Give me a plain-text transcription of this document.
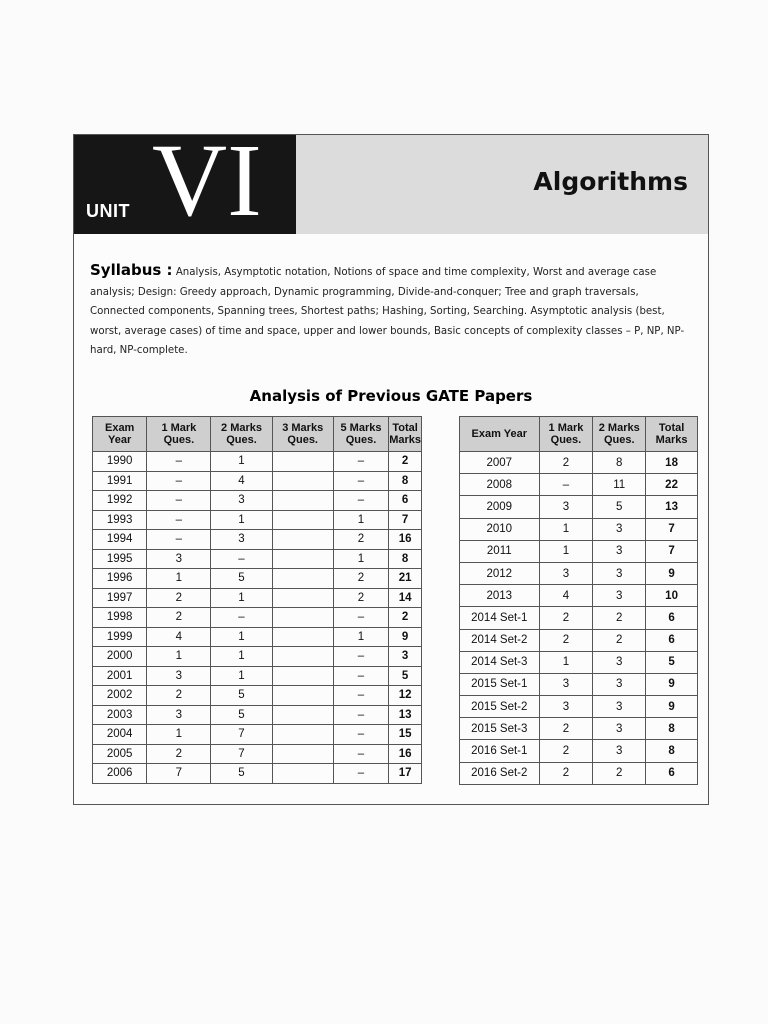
UNIT VI	Algorithms
Syllabus : Analysis, Asymptotic notation, Notions of space and time complexity, Worst and average case analysis; Design: Greedy approach, Dynamic programming, Divide-and-conquer; Tree and graph traversals, Connected components, Spanning trees, Shortest paths; Hashing, Sorting, Searching. Asymptotic analysis (best, worst, average cases) of time and space, upper and lower bounds, Basic concepts of complexity classes – P, NP, NP-hard, NP-complete.
Analysis of Previous GATE Papers
Exam Year	1 Mark Ques.	2 Marks Ques.	3 Marks Ques.	5 Marks Ques.	Total Marks
1990	–	1		–	2
1991	–	4		–	8
1992	–	3		–	6
1993	–	1		1	7
1994	–	3		2	16
1995	3	–		1	8
1996	1	5		2	21
1997	2	1		2	14
1998	2	–		–	2
1999	4	1		1	9
2000	1	1		–	3
2001	3	1		–	5
2002	2	5		–	12
2003	3	5		–	13
2004	1	7		–	15
2005	2	7		–	16
2006	7	5		–	17
Exam Year	1 Mark Ques.	2 Marks Ques.	Total Marks
2007	2	8	18
2008	–	11	22
2009	3	5	13
2010	1	3	7
2011	1	3	7
2012	3	3	9
2013	4	3	10
2014 Set-1	2	2	6
2014 Set-2	2	2	6
2014 Set-3	1	3	5
2015 Set-1	3	3	9
2015 Set-2	3	3	9
2015 Set-3	2	3	8
2016 Set-1	2	3	8
2016 Set-2	2	2	6
